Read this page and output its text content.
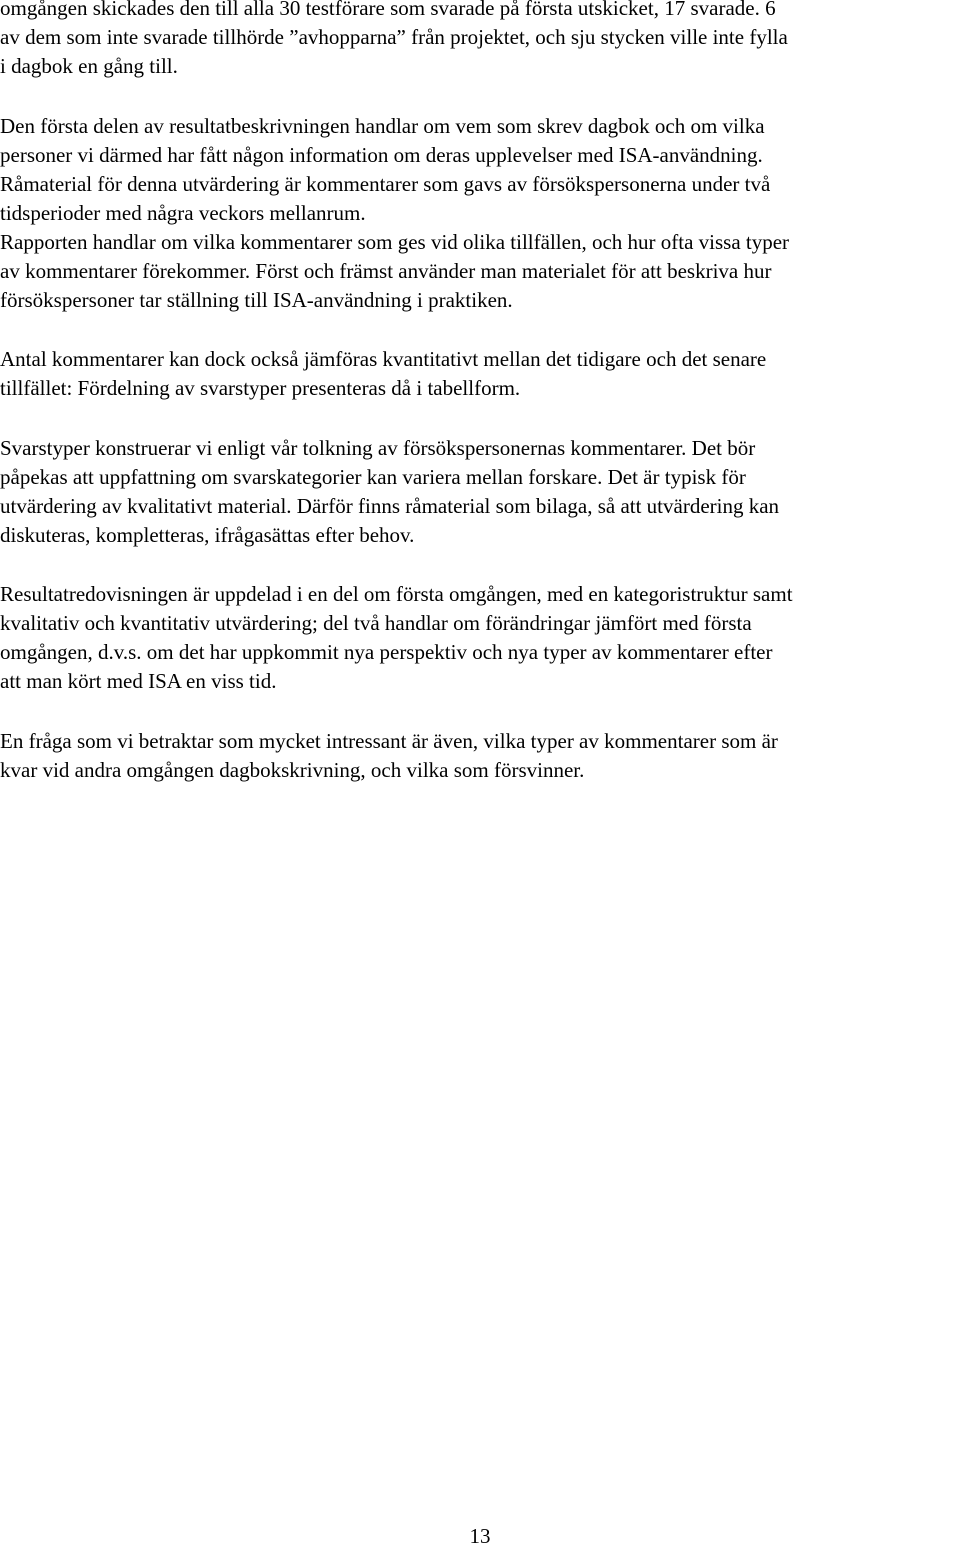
omgången skickades den till alla 30 testförare som svarade på första utskicket, 17 svarade. 6
av dem som inte svarade tillhörde ”avhopparna” från projektet, och sju stycken ville inte fylla
i dagbok en gång till.

Den första delen av resultatbeskrivningen handlar om vem som skrev dagbok och om vilka
personer vi därmed har fått någon information om deras upplevelser med ISA-användning.
Råmaterial för denna utvärdering är kommentarer som gavs av försökspersonerna under två
tidsperioder med några veckors mellanrum.
Rapporten handlar om vilka kommentarer som ges vid olika tillfällen, och hur ofta vissa typer
av kommentarer förekommer. Först och främst använder man materialet för att beskriva hur
försökspersoner tar ställning till ISA-användning i praktiken.

Antal kommentarer kan dock också jämföras kvantitativt mellan det tidigare och det senare
tillfället: Fördelning av svarstyper presenteras då i tabellform.

Svarstyper konstruerar vi enligt vår tolkning av försökspersonernas kommentarer. Det bör
påpekas att uppfattning om svarskategorier kan variera mellan forskare. Det är typisk för
utvärdering av kvalitativt material. Därför finns råmaterial som bilaga, så att utvärdering kan
diskuteras, kompletteras, ifrågasättas efter behov.

Resultatredovisningen är uppdelad i en del om första omgången, med en kategoristruktur samt
kvalitativ och kvantitativ utvärdering; del två handlar om förändringar jämfört med första
omgången, d.v.s. om det har uppkommit nya perspektiv och nya typer av kommentarer efter
att man kört med ISA en viss tid.

En fråga som vi betraktar som mycket intressant är även, vilka typer av kommentarer som är
kvar vid andra omgången dagbokskrivning, och vilka som försvinner.

13
